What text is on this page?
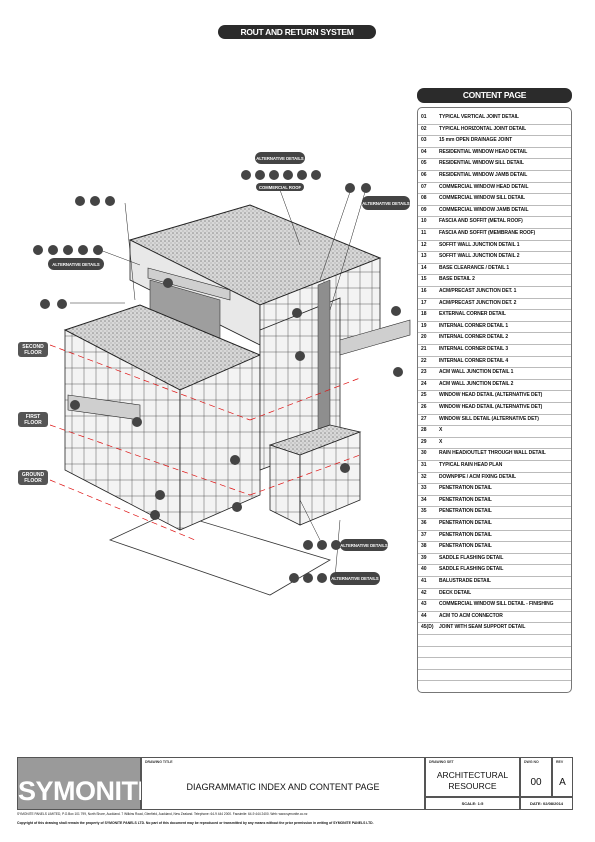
ROUT AND RETURN SYSTEM
SECOND
FLOOR
FIRST
FLOOR
GROUND
FLOOR
ALTERNATIVE DETAILS
COMMERCIAL ROOF
ALTERNATIVE DETAILS
ALTERNATIVE DETAILS
ALTERNATIVE DETAILS
ALTERNATIVE DETAILS
CONTENT PAGE
01	TYPICAL VERTICAL JOINT DETAIL
02	TYPICAL HORIZONTAL JOINT DETAIL
03	15 mm OPEN DRAINAGE JOINT
04	RESIDENTIAL WINDOW HEAD DETAIL
05	RESIDENTIAL WINDOW SILL DETAIL
06	RESIDENTIAL WINDOW JAMB DETAIL
07	COMMERCIAL WINDOW HEAD DETAIL
08	COMMERCIAL WINDOW SILL DETAIL
09	COMMERCIAL WINDOW JAMB DETAIL
10	FASCIA AND SOFFIT (METAL ROOF)
11	FASCIA AND SOFFIT (MEMBRANE ROOF)
12	SOFFIT WALL JUNCTION DETAIL 1
13	SOFFIT WALL JUNCTION DETAIL 2
14	BASE CLEARANCE / DETAIL 1
15	BASE DETAIL 2
16	ACM/PRECAST JUNCTION DET. 1
17	ACM/PRECAST JUNCTION DET. 2
18	EXTERNAL CORNER DETAIL
19	INTERNAL CORNER DETAIL 1
20	INTERNAL CORNER DETAIL 2
21	INTERNAL CORNER DETAIL 3
22	INTERNAL CORNER DETAIL 4
23	ACM WALL JUNCTION DETAIL 1
24	ACM WALL JUNCTION DETAIL 2
25	WINDOW HEAD DETAIL (ALTERNATIVE DET)
26	WINDOW HEAD DETAIL (ALTERNATIVE DET)
27	WINDOW SILL DETAIL (ALTERNATIVE DET)
28	X
29	X
30	RAIN HEAD/OUTLET THROUGH WALL DETAIL
31	TYPICAL RAIN HEAD PLAN
32	DOWNPIPE / ACM FIXING DETAIL
33	PENETRATION DETAIL
34	PENETRATION DETAIL
35	PENETRATION DETAIL
36	PENETRATION DETAIL
37	PENETRATION DETAIL
38	PENETRATION DETAIL
39	SADDLE FLASHING DETAIL
40	SADDLE FLASHING DETAIL
41	BALUSTRADE DETAIL
42	DECK DETAIL
43	COMMERCIAL WINDOW SILL DETAIL - FINISHING
44	ACM TO ACM CONNECTOR
45(D) JOINT WITH SEAM SUPPORT DETAIL
SYMONITE
DRAWING TITLE
DIAGRAMMATIC INDEX AND CONTENT PAGE
DRAWING SET
ARCHITECTURAL RESOURCE
DWG NO
00
REV
A
SCALE: 1:5	DATE: 02/08/2014
SYMONITE PANELS LIMITED, P.O.Box 101 799, North Shore, Auckland. 7 Wilkins Road, Glenfield, Auckland, New Zealand. Telephone: 64-9 444 2000. Facsimile: 64-9 444 2400. Web: www.symonite.co.nz
Copyright of this drawing shall remain the property of SYMONITE PANELS LTD. No part of this document may be reproduced or transmitted by any means without the prior permission in writing of SYMONITE PANELS LTD.
